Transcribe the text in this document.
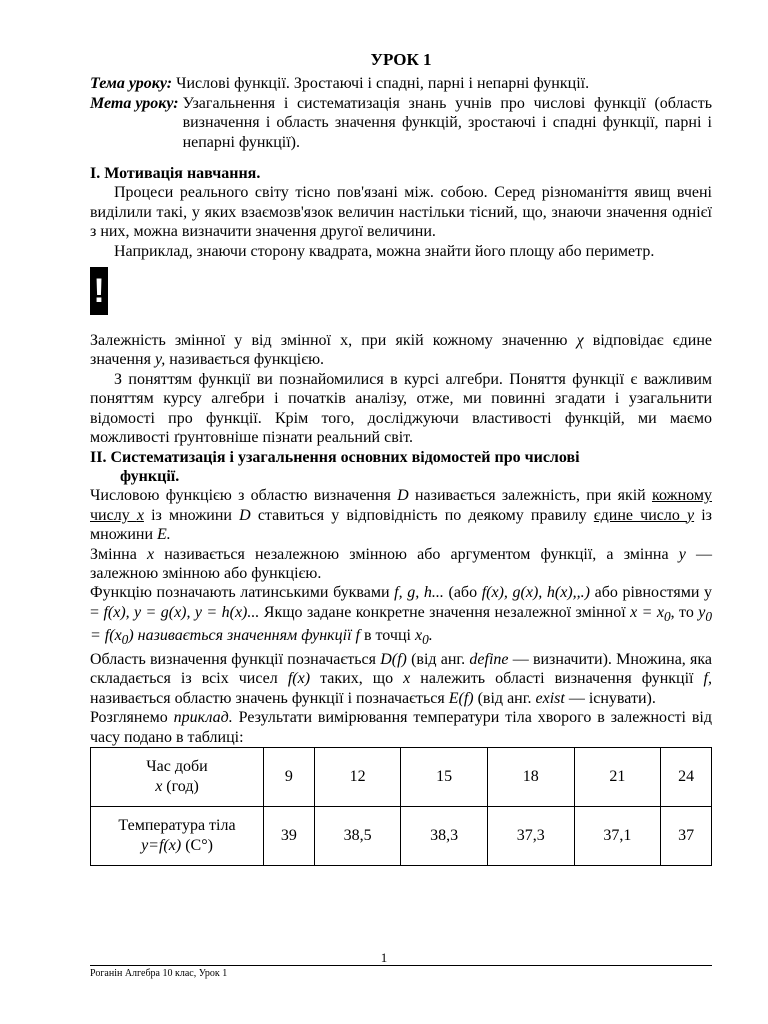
УРОК 1

Тема уроку: Числові функції. Зростаючі і спадні, парні і непарні функції.
Мета уроку: Узагальнення і систематизація знань учнів про числові функції (область визначення і область значення функцій, зростаючі і спадні функції, парні і непарні функції).

І. Мотивація навчання.

Процеси реального світу тісно пов'язані між. собою. Серед різноманіття явищ вчені виділили такі, у яких взаємозв'язок величин настільки тісний, що, знаючи значення однієї з них, можна визначити значення другої величини.

Наприклад, знаючи сторону квадрата, можна знайти його площу або периметр.

!

Залежність змінної у від змінної х, при якій кожному значенню χ відповідає єдине значення у, називається функцією.

З поняттям функції ви познайомилися в курсі алгебри. Поняття функції є важливим поняттям курсу алгебри і початків аналізу, отже, ми повинні згадати і узагальнити відомості про функції. Крім того, досліджуючи властивості функцій, ми маємо можливості ґрунтовніше пізнати реальний світ.

II. Систематизація і узагальнення основних відомостей про числові

функції.

Числовою функцією з областю визначення D називається залежність, при якій кожному числу х із множини D ставиться у відповідність по деякому правилу єдине число у із множини Е.

Змінна х називається незалежною змінною або аргументом функції, а змінна у — залежною змінною або функцією.

Функцію позначають латинськими буквами f, g, h... (або f(x), g(x), h(x),,.) або рівностями у = f(x), у = g(x), у = h(x)... Якщо задане конкретне значення незалежної змінної $x = x_0$, то $y_0 = f(x_0)$ називається значенням функції f в точці $x_0$.

Область визначення функції позначається D(f) (від анг. define — визначити). Множина, яка складається із всіх чисел f(x) таких, що х належить області визначення функції f, називається областю значень функції і позначається E(f) (від анг. exist — існувати).

Розглянемо приклад. Результати вимірювання температури тіла хворого в залежності від часу подано в таблиці:

Час доби
х (год)	9	12	15	18	21	24
Температура тіла
y=f(x) (С°)	39	38,5	38,3	37,3	37,1	37
1
Роганін Алгебра 10 клас, Урок 1
